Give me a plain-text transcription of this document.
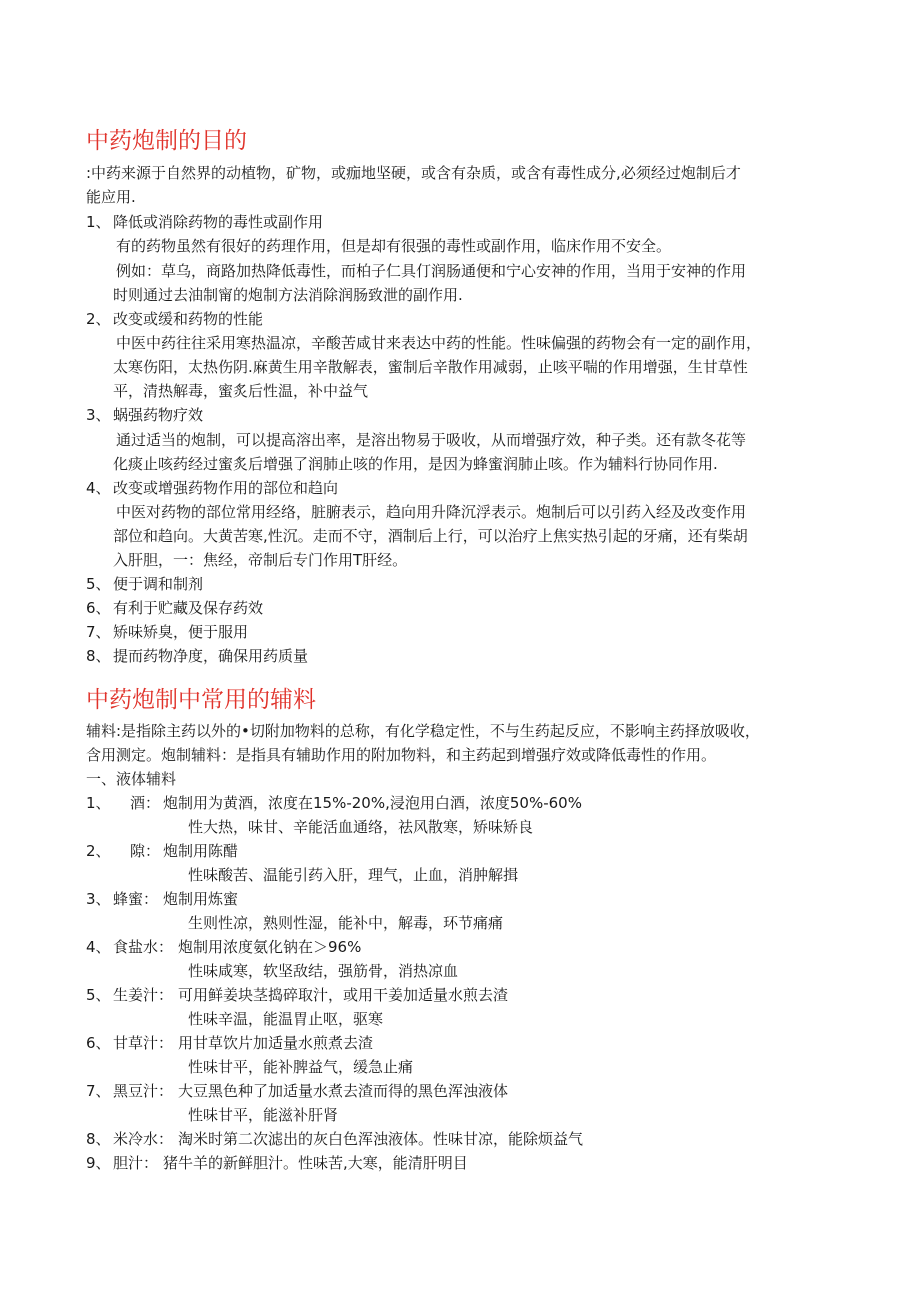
中药炮制的目的
:中药来源于自然界的动植物，矿物，或痂地坚硬，或含有杂质，或含有毒性成分,必须经过炮制后才
能应用.
1、 降低或消除药物的毒性或副作用
有的药物虽然有很好的药理作用，但是却有很强的毒性或副作用，临床作用不安全。
例如：草乌，商路加热降低毒性，而柏子仁具仃润肠通便和宁心安神的作用，当用于安神的作用
时则通过去油制甯的炮制方法消除润肠致泄的副作用.
2、 改变或缓和药物的性能
中医中药往往采用寒热温凉，辛酸苦咸甘来表达中药的性能。性味偏强的药物会有一定的副作用，
太寒伤阳，太热伤阴.麻黄生用辛散解表，蜜制后辛散作用减弱，止咳平喘的作用增强，生甘草性
平，清热解毒，蜜炙后性温，补中益气
3、 蜗强药物疗效
通过适当的炮制，可以提高溶出率，是溶出物易于吸收，从而增强疗效，种子类。还有款冬花等
化痰止咳药经过蜜炙后增强了润肺止咳的作用，是因为蜂蜜润肺止咳。作为辅料行协同作用.
4、 改变或增强药物作用的部位和趋向
中医对药物的部位常用经络，脏腑表示，趋向用升降沉浮表示。炮制后可以引药入经及改变作用
部位和趋向。大黄苦寒,性沉。走而不守，酒制后上行，可以治疗上焦实热引起的牙痛，还有柴胡
入肝胆，一：焦经，帝制后专门作用T肝经。
5、 便于调和制剂
6、 有利于贮藏及保存药效
7、 矫味矫臭，便于服用
8、 提而药物净度，确保用药质量
中药炮制中常用的辅料
辅料:是指除主药以外的•切附加物料的总称，有化学稳定性，不与生药起反应，不影响主药择放吸收，
含用测定。炮制辅料：是指具有辅助作用的附加物料，和主药起到增强疗效或降低毒性的作用。
一、液体辅料
1、 酒： 炮制用为黄酒，浓度在15%-20%,浸泡用白酒，浓度50%-60%
性大热，味甘、辛能活血通络，祛风散寒，矫味矫良
2、 隙： 炮制用陈醋
性味酸苦、温能引药入肝，理气，止血，消肿解揖
3、 蜂蜜： 炮制用炼蜜
生则性凉，熟则性湿，能补中，解毒，环节痛痛
4、 食盐水： 炮制用浓度氨化钠在＞96%
性味咸寒，软坚敌结，强筋骨，消热凉血
5、 生姜汁： 可用鲜姜块茎捣碎取汁，或用干姜加适量水煎去渣
性味辛温，能温胃止呕，驱寒
6、 甘草汁： 用甘草饮片加适量水煎煮去渣
性味甘平，能补脾益气，缓急止痛
7、 黑豆汁： 大豆黑色种了加适量水煮去渣而得的黑色浑浊液体
性味甘平，能滋补肝肾
8、 米冷水： 淘米时第二次滤出的灰白色浑浊液体。性味甘凉，能除烦益气
9、 胆汁： 猪牛羊的新鲜胆汁。性味苦,大寒，能清肝明目
